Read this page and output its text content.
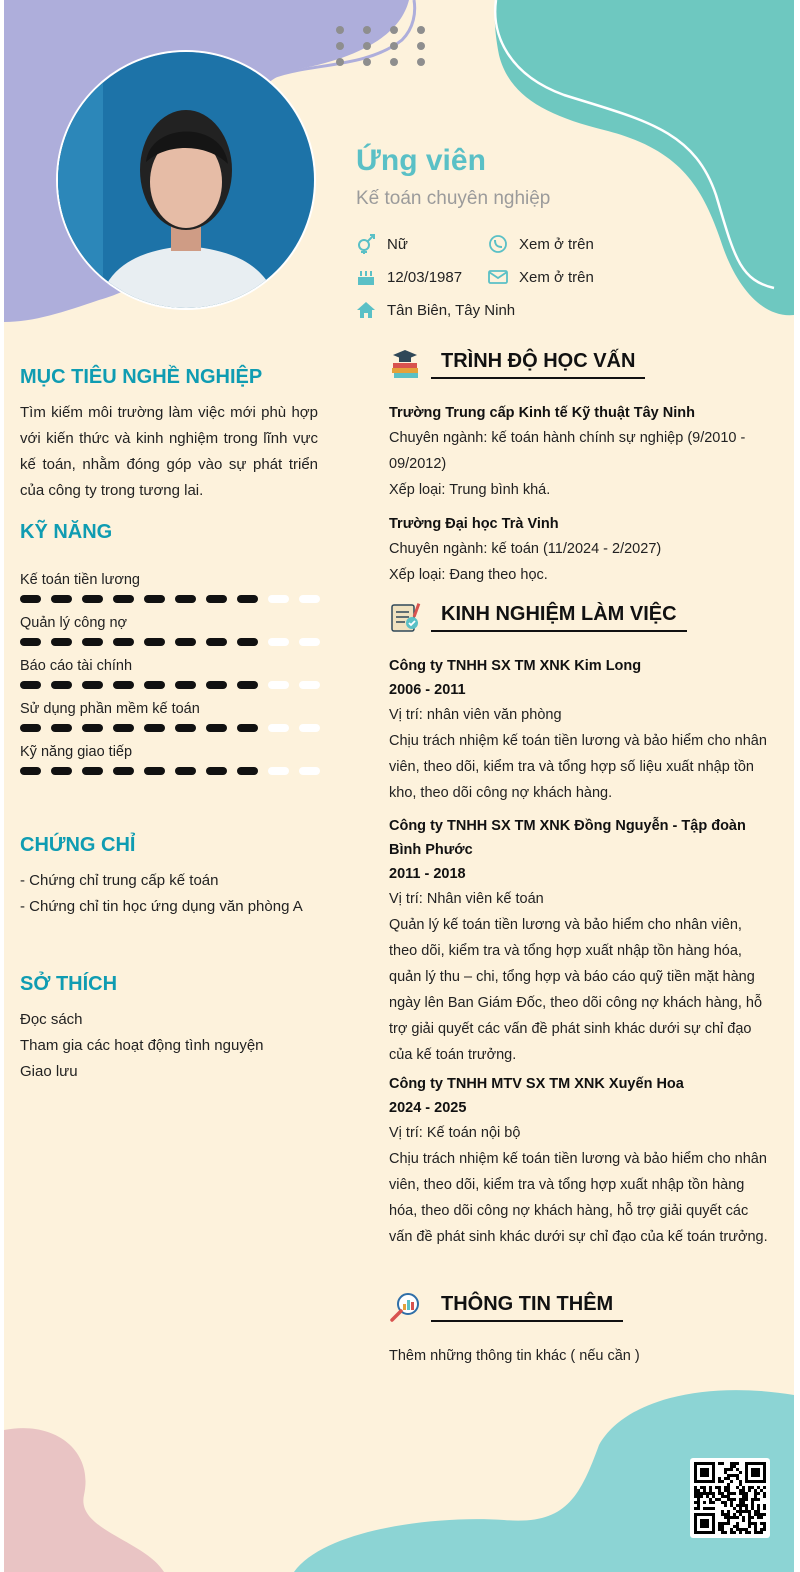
Ứng viên
Kế toán chuyên nghiệp
Nữ	Xem ở trên
12/03/1987	Xem ở trên
Tân Biên, Tây Ninh
MỤC TIÊU NGHỀ NGHIỆP
Tìm kiếm môi trường làm việc mới phù hợp với kiến thức và kinh nghiệm trong lĩnh vực kế toán, nhằm đóng góp vào sự phát triển của công ty trong tương lai.
KỸ NĂNG
Kế toán tiền lương
Quản lý công nợ
Báo cáo tài chính
Sử dụng phần mềm kế toán
Kỹ năng giao tiếp
CHỨNG CHỈ
- Chứng chỉ trung cấp kế toán
- Chứng chỉ tin học ứng dụng văn phòng A
SỞ THÍCH
Đọc sách
Tham gia các hoạt động tình nguyện
Giao lưu
TRÌNH ĐỘ HỌC VẤN
Trường Trung cấp Kinh tế Kỹ thuật Tây Ninh
Chuyên ngành: kế toán hành chính sự nghiệp (9/2010 - 09/2012)
Xếp loại: Trung bình khá.
Trường Đại học Trà Vinh
Chuyên ngành: kế toán (11/2024 - 2/2027)
Xếp loại: Đang theo học.
KINH NGHIỆM LÀM VIỆC
Công ty TNHH SX TM XNK Kim Long
2006 - 2011
Vị trí: nhân viên văn phòng
Chịu trách nhiệm kế toán tiền lương và bảo hiểm cho nhân viên, theo dõi, kiểm tra và tổng hợp số liệu xuất nhập tồn kho, theo dõi công nợ khách hàng.
Công ty TNHH SX TM XNK Đồng Nguyễn - Tập đoàn Bình Phước
2011 - 2018
Vị trí: Nhân viên kế toán
Quản lý kế toán tiền lương và bảo hiểm cho nhân viên, theo dõi, kiểm tra và tổng hợp xuất nhập tồn hàng hóa, quản lý thu – chi, tổng hợp và báo cáo quỹ tiền mặt hàng ngày lên Ban Giám Đốc, theo dõi công nợ khách hàng, hỗ trợ giải quyết các vấn đề phát sinh khác dưới sự chỉ đạo của kế toán trưởng.
Công ty TNHH MTV SX TM XNK Xuyến Hoa
2024 - 2025
Vị trí: Kế toán nội bộ
Chịu trách nhiệm kế toán tiền lương và bảo hiểm cho nhân viên, theo dõi, kiểm tra và tổng hợp xuất nhập tồn hàng hóa, theo dõi công nợ khách hàng, hỗ trợ giải quyết các vấn đề phát sinh khác dưới sự chỉ đạo của kế toán trưởng.
THÔNG TIN THÊM
Thêm những thông tin khác ( nếu cần )
